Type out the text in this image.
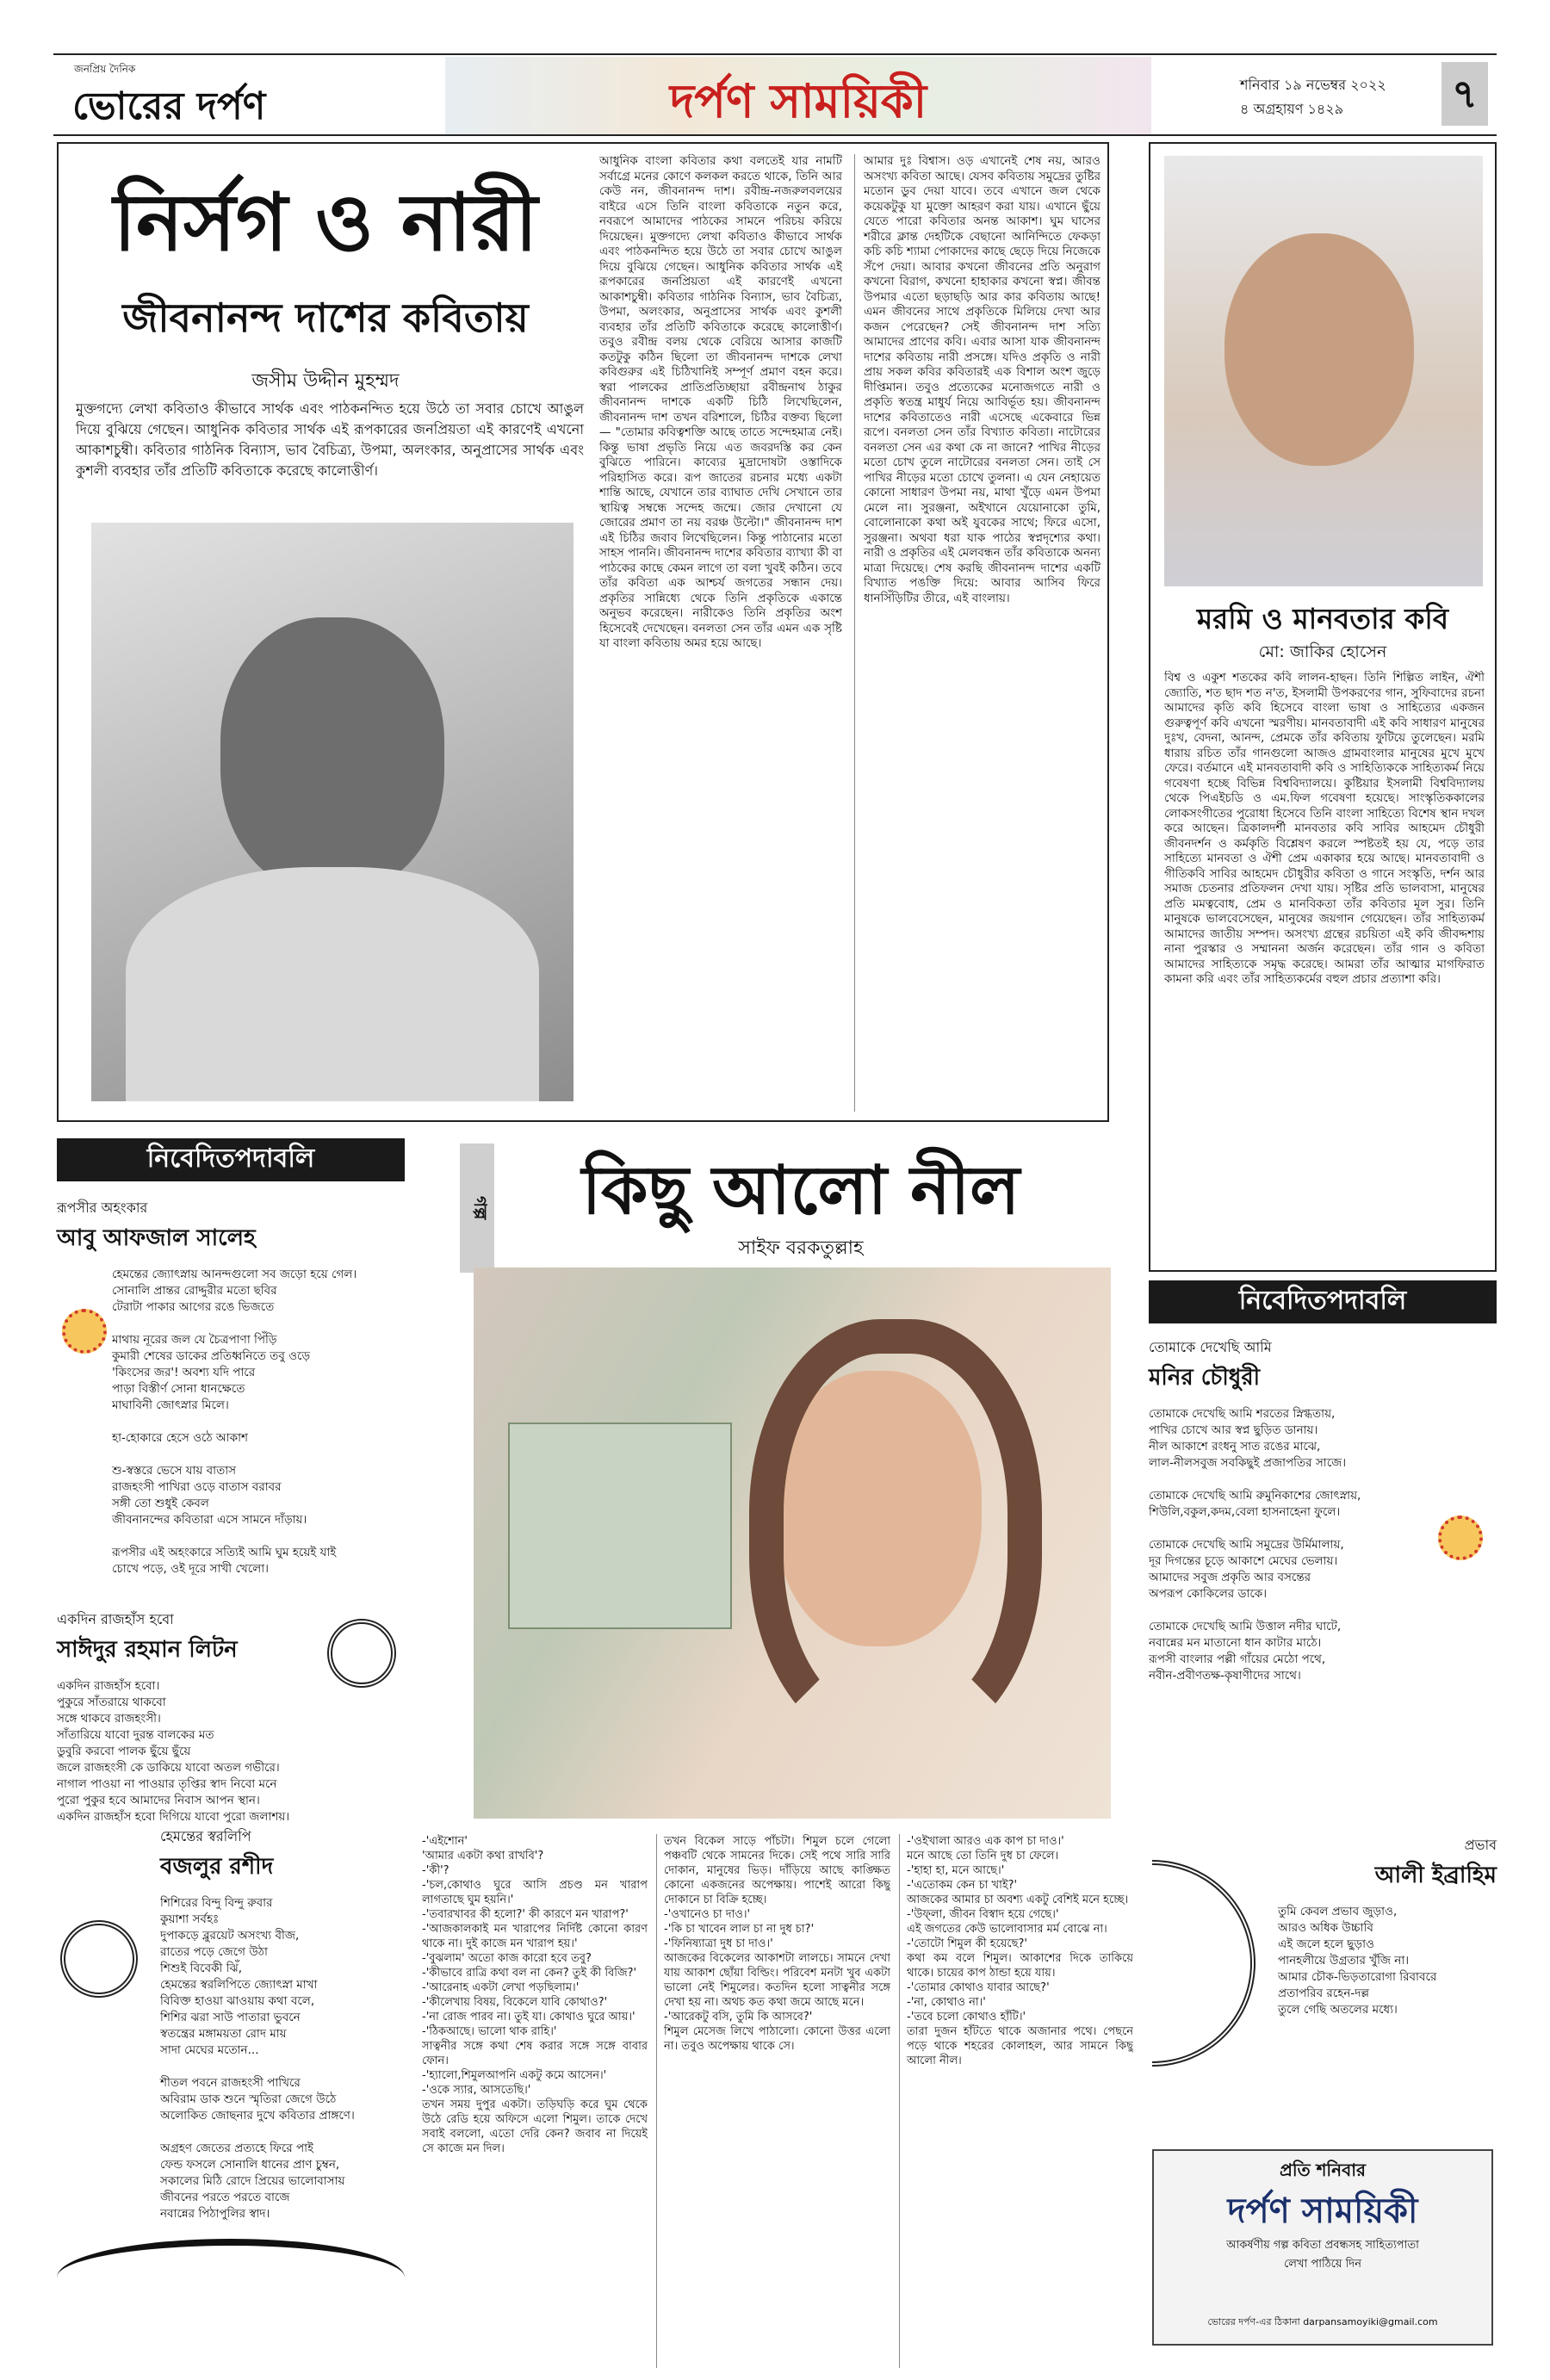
জনপ্রিয় দৈনিক
ভোরের দর্পণ	দর্পণ সাময়িকী	শনিবার ১৯ নভেম্বর ২০২২
৪ অগ্রহায়ণ ১৪২৯	৭
নির্সগ ও নারী
জীবনানন্দ দাশের কবিতায়
জসীম উদ্দীন মুহম্মদ
মুক্তগদ্যে লেখা কবিতাও কীভাবে সার্থক এবং পাঠকনন্দিত হয়ে উঠে তা সবার চোখে আঙুল দিয়ে বুঝিয়ে গেছেন। আধুনিক কবিতার সার্থক এই রূপকারের জনপ্রিয়তা এই কারণেই এখনো আকাশচুম্বী। কবিতার গাঠনিক বিন্যাস, ভাব বৈচিত্র্য, উপমা, অলংকার, অনুপ্রাসের সার্থক এবং কুশলী ব্যবহার তাঁর প্রতিটি কবিতাকে করেছে কালোত্তীর্ণ।
আধুনিক বাংলা কবিতার কথা বলতেই যার নামটি সর্বাগ্রে মনের কোণে কলকল করতে থাকে, তিনি আর কেউ নন, জীবনানন্দ দাশ। রবীন্দ্র-নজরুলবলয়ের বাইরে এসে তিনি বাংলা কবিতাকে নতুন করে, নবরূপে আমাদের পাঠকের সামনে পরিচয় করিয়ে দিয়েছেন। মুক্তগদ্যে লেখা কবিতাও কীভাবে সার্থক এবং পাঠকনন্দিত হয়ে উঠে তা সবার চোখে আঙুল দিয়ে বুঝিয়ে গেছেন। আধুনিক কবিতার সার্থক এই রূপকারের জনপ্রিয়তা এই কারণেই এখনো আকাশচুম্বী। কবিতার গাঠনিক বিন্যাস, ভাব বৈচিত্র্য, উপমা, অলংকার, অনুপ্রাসের সার্থক এবং কুশলী ব্যবহার তাঁর প্রতিটি কবিতাকে করেছে কালোত্তীর্ণ। তবুও রবীন্দ্র বলয় থেকে বেরিয়ে আসার কাজটি কতটুকু কঠিন ছিলো তা জীবনানন্দ দাশকে লেখা কবিগুরুর এই চিঠিখানিই সম্পূর্ণ প্রমাণ বহন করে। স্বরা পালকের প্রাতিপ্রতিচ্ছায়া রবীন্দ্রনাথ ঠাকুর জীবনানন্দ দাশকে একটি চিঠি লিখেছিলেন, জীবনানন্দ দাশ তখন বরিশালে, চিঠির বক্তব্য ছিলো— "তোমার কবিত্বশক্তি আছে তাতে সন্দেহমাত্র নেই। কিন্তু ভাষা প্রভৃতি নিয়ে এত জবরদস্তি কর কেন বুঝিতে পারিনে। কাব্যের মুদ্রাদোষটা ওস্তাদিকে পরিহাসিত করে। রূপ জাতের রচনার মধ্যে একটা শান্তি আছে, যেখানে তার ব্যাঘাত দেখি সেখানে তার স্থায়িত্ব সম্বন্ধে সন্দেহ জন্মে। জোর দেখানো যে জোরের প্রমাণ তা নয় বরঞ্চ উল্টো।" জীবনানন্দ দাশ এই চিঠির জবাব লিখেছিলেন। কিন্তু পাঠানোর মতো সাহস পাননি। জীবনানন্দ দাশের কবিতার ব্যাখ্যা কী বা পাঠকের কাছে কেমন লাগে তা বলা খুবই কঠিন। তবে তাঁর কবিতা এক আশ্চর্য জগতের সন্ধান দেয়। প্রকৃতির সান্নিধ্যে থেকে তিনি প্রকৃতিকে একান্তে অনুভব করেছেন। নারীকেও তিনি প্রকৃতির অংশ হিসেবেই দেখেছেন। বনলতা সেন তাঁর এমন এক সৃষ্টি যা বাংলা কবিতায় অমর হয়ে আছে।
আমার দুঃ বিশ্বাস। ওড় এখানেই শেষ নয়, আরও অসংখ্য কবিতা আছে। যেসব কবিতায় সমুদ্রের তুষ্টির মতোন ডুব দেয়া যাবে। তবে এখানে জল থেকে কয়েকটুকু যা মুক্তো আহরণ করা যায়। এখানে ছুঁয়ে যেতে পারো কবিতার অনন্ত আকাশ। ঘুম ঘাসের শরীরে ক্লান্ত দেহটিকে বেছানো আনিন্দিতে ফেকড়া কচি কচি শ্যামা পোকাদের কাছে ছেড়ে দিয়ে নিজেকে সঁপে দেয়া। আবার কখনো জীবনের প্রতি অনুরাগ কখনো বিরাগ, কখনো হাহাকার কখনো স্বপ্ন। জীবন্ত উপমার এতো ছড়াছড়ি আর কার কবিতায় আছে! এমন জীবনের সাথে প্রকৃতিকে মিলিয়ে দেখা আর কজন পেরেছেন? সেই জীবনানন্দ দাশ সত্যি আমাদের প্রাণের কবি। এবার আসা যাক জীবনানন্দ দাশের কবিতায় নারী প্রসঙ্গে। যদিও প্রকৃতি ও নারী প্রায় সকল কবির কবিতারই এক বিশাল অংশ জুড়ে দীপ্তিমান। তবুও প্রত্যেকের মনোজগতে নারী ও প্রকৃতি স্বতন্ত্র মাধুর্য নিয়ে আবির্ভূত হয়। জীবনানন্দ দাশের কবিতাতেও নারী এসেছে একেবারে ভিন্ন রূপে। বনলতা সেন তাঁর বিখ্যাত কবিতা। নাটোরের বনলতা সেন এর কথা কে না জানে? পাখির নীড়ের মতো চোখ তুলে নাটোরের বনলতা সেন। তাই সে পাখির নীড়ের মতো চোখে তুলনা। এ যেন নেহায়েত কোনো সাধারণ উপমা নয়, মাথা খুঁড়ে এমন উপমা মেলে না। সুরঞ্জনা, অইখানে যেয়োনাকো তুমি, বোলোনাকো কথা অই যুবকের সাথে; ফিরে এসো, সুরঞ্জনা। অথবা ধরা যাক পাঠের স্বপ্নদৃশ্যের কথা। নারী ও প্রকৃতির এই মেলবন্ধন তাঁর কবিতাকে অনন্য মাত্রা দিয়েছে। শেষ করছি জীবনানন্দ দাশের একটি বিখ্যাত পঙক্তি দিয়ে: আবার আসিব ফিরে ধানসিঁড়িটির তীরে, এই বাংলায়।
মরমি ও মানবতার কবি
মো: জাকির হোসেন
বিশ্ব ও একুশ শতকের কবি লালন-হাছন। তিনি শিল্পিত লাইন, ঐশী জ্যোতি, শত ছাদ শত ন'ত, ইসলামী উপকরণের গান, সুফিবাদের রচনা আমাদের কৃতি কবি হিসেবে বাংলা ভাষা ও সাহিত্যের একজন গুরুত্বপূর্ণ কবি এখনো স্মরণীয়। মানবতাবাদী এই কবি সাধারণ মানুষের দুঃখ, বেদনা, আনন্দ, প্রেমকে তাঁর কবিতায় ফুটিয়ে তুলেছেন। মরমি ধারায় রচিত তাঁর গানগুলো আজও গ্রামবাংলার মানুষের মুখে মুখে ফেরে। বর্তমানে এই মানবতাবাদী কবি ও সাহিত্যিককে সাহিত্যকর্ম নিয়ে গবেষণা হচ্ছে বিভিন্ন বিশ্ববিদ্যালয়ে। কুষ্টিয়ার ইসলামী বিশ্ববিদ্যালয় থেকে পিএইচডি ও এম.ফিল গবেষণা হয়েছে। সাংস্কৃতিককালের লোকসংগীতের পুরোধা হিসেবে তিনি বাংলা সাহিত্যে বিশেষ স্থান দখল করে আছেন। ত্রিকালদর্শী মানবতার কবি সাবির আহমেদ চৌধুরী জীবনদর্শন ও কর্মকৃতি বিশ্লেষণ করলে স্পষ্টতই হয় যে, পড়ে তার সাহিত্যে মানবতা ও ঐশী প্রেম একাকার হয়ে আছে। মানবতাবাদী ও গীতিকবি সাবির আহমেদ চৌধুরীর কবিতা ও গানে সংস্কৃতি, দর্শন আর সমাজ চেতনার প্রতিফলন দেখা যায়। সৃষ্টির প্রতি ভালবাসা, মানুষের প্রতি মমত্ববোধ, প্রেম ও মানবিকতা তাঁর কবিতার মূল সুর। তিনি মানুষকে ভালবেসেছেন, মানুষের জয়গান গেয়েছেন। তাঁর সাহিত্যকর্ম আমাদের জাতীয় সম্পদ। অসংখ্য গ্রন্থের রচয়িতা এই কবি জীবদ্দশায় নানা পুরস্কার ও সম্মাননা অর্জন করেছেন। তাঁর গান ও কবিতা আমাদের সাহিত্যকে সমৃদ্ধ করেছে। আমরা তাঁর আত্মার মাগফিরাত কামনা করি এবং তাঁর সাহিত্যকর্মের বহুল প্রচার প্রত্যাশা করি।
নিবেদিতপদাবলি
রূপসীর অহংকার
আবু আফজাল সালেহ
হেমন্তের জ্যোৎস্নায় আনন্দগুলো সব জড়ো হয়ে গেল।
সোনালি প্রান্তর রোদ্দুরীর মতো ছবির
টেরাটা পাকার আগের রঙে ভিজতে

মাথায় নূরের জল যে চৈত্রপাণা পিঁড়ি
কুমারী শেষের ডাকের প্রতিধ্বনিতে তবু ওড়ে
'কিংসের জর'! অবশ্য যদি পারে
পাড়া বিস্তীর্ণ সোনা ধানক্ষেতে
মাঘাবিনী জোৎস্নার মিলে।

হা-হোকারে হেসে ওঠে আকাশ

শু-স্বস্তরে ভেসে যায় বাতাস
রাজহংসী পাখিরা ওড়ে বাতাস বরাবর
সঙ্গী তো শুধুই কেবল
জীবনানন্দের কবিতারা এসে সামনে দাঁড়ায়।

রূপসীর এই অহংকারে সত্যিই আমি ঘুম হয়েই যাই
চোখে পড়ে, ওই দূরে সাখী খেলো।
একদিন রাজহাঁস হবো
সাঈদুর রহমান লিটন
একদিন রাজহাঁস হবো।
পুকুরে সাঁতরায়ে থাকবো
সঙ্গে থাকবে রাজহংসী।
সাঁতারিয়ে যাবো দুরন্ত বালকের মত
ডুবুরি করবো পালক ছুঁয়ে ছুঁয়ে
জলে রাজহংসী কে ডাকিয়ে যাবো অতল গভীরে।
নাগাল পাওয়া না পাওয়ার তৃপ্তির স্বাদ নিবো মনে
পুরো পুকুর হবে আমাদের নিবাস আপন স্থান।
একদিন রাজহাঁস হবো দিগিয়ে যাবো পুরো জলাশয়।
হেমন্তের স্বরলিপি
বজলুর রশীদ
শিশিরের বিন্দু বিন্দু রুবার
কুয়াশা সর্বহঃ
দুপাকড়ে ব্লুরয়েট অসংখ্য বীজ,
রাতের পড়ে জেগে উঠা
শিশুই বিবেকী ঝিঁ,
হেমন্তের স্বরলিপিতে জ্যোৎস্না মাখা
বিবিক্ত হাওয়া ঝাওয়ায় কথা বলে,
শিশির ঝরা সাউ পাতারা ভুবনে
স্বতন্ত্রের মঙ্গাময়তা রোদ মায়
সাদা মেঘের মতোন...

শীতল পবনে রাজহংসী পাখিরে
অবিরাম ডাক শুনে স্মৃতিরা জেগে উঠে
অলোকিত জোছনার দুখে কবিতার প্রাঙ্গণে।

অগ্রহণ জেতের প্রত্যহে ফিরে পাই
ফেন্ড ফসলে সোনালি ধানের প্রাণ চুম্বন,
সকালের মিঠি রোদে প্রিয়ের ভালোবাসায়
জীবনের পরতে পরতে বাজে
নবান্নের পিঠাপুলির স্বাদ।
গল্প	কিছু আলো নীল
সাইফ বরকতুল্লাহ
-'এইশোন'
'আমার একটা কথা রাখবি'?
-'কী'?
-'চল,কোথাও ঘুরে আসি প্রচণ্ড মন খারাপ লাগতাছে ঘুম হয়নি।'
-'তবারখাবর কী হলো?' কী কারণে মন খারাপ?'
-'আজকালকাই মন খারাপের নির্দিষ্ট কোনো কারণ থাকে না। দুই কাজে মন খারাপ হয়।'
-'বুঝলাম' অতো কাজ কারো হবে তবু?
-'কীভাবে রাত্রি কথা বল না কেন? তুই কী বিজি?'
-'আরেনাহ একটা লেখা পড়ছিলাম।'
-'কীলেখায় বিষয়, বিকেলে যাবি কোথাও?'
-'না রোজ পারব না। তুই যা। কোথাও ঘুরে আয়।'
-'ঠিকআছে। ভালো থাক রাহি।'
সাত্বনীর সঙ্গে কথা শেষ করার সঙ্গে সঙ্গে বাবার ফোন।
-'হ্যালো,শিমুলআপনি একটু কমে আসেন।'
-'ওকে স্যার, আসতেছি।'
তখন সময় দুপুর একটা। তড়িঘড়ি করে ঘুম থেকে উঠে রেডি হয়ে অফিসে এলো শিমুল। তাকে দেখে সবাই বললো, এতো দেরি কেন? জবাব না দিয়েই সে কাজে মন দিল।
তখন বিকেল সাড়ে পাঁচটা। শিমুল চলে গেলো পঞ্চবটি থেকে সামনের দিকে। সেই পথে সারি সারি দোকান, মানুষের ভিড়। দাঁড়িয়ে আছে কাঙ্ক্ষিত কোনো একজনের অপেক্ষায়। পাশেই আরো কিছু দোকানে চা বিক্রি হচ্ছে।
-'ওখানেও চা দাও।'
-'কি চা খাবেন লাল চা না দুধ চা?'
-'ফিনিষ্যাত্রা দুধ চা দাও।'
আজকের বিকেলের আকাশটা লালচে। সামনে দেখা যায় আকাশ ছোঁয়া বিল্ডিং। পরিবেশ মনটা খুব একটা ভালো নেই শিমুলের। কতদিন হলো সাত্বনীর সঙ্গে দেখা হয় না। অথচ কত কথা জমে আছে মনে।
-'আরেকটু বসি, তুমি কি আসবে?'
শিমুল মেসেজ লিখে পাঠালো। কোনো উত্তর এলো না। তবুও অপেক্ষায় থাকে সে।
-'ওইখালা আরও এক কাপ চা দাও।'
মনে আছে তো তিনি দুধ চা ফেলে।
-'হাহা হা, মনে আছে।'
-'এতোকম কেন চা খাই?'
আজকের আমার চা অবশ্য একটু বেশিই মনে হচ্ছে।
-'উফ্‌লা, জীবন বিস্বাদ হয়ে গেছে।'
এই জগতের কেউ ভালোবাসার মর্ম বোঝে না।
-'তোটো শিমুল কী হয়েছে?'
কথা কম বলে শিমুল। আকাশের দিকে তাকিয়ে থাকে। চায়ের কাপ ঠান্ডা হয়ে যায়।
-'তোমার কোথাও যাবার আছে?'
-'না, কোথাও না।'
-'তবে চলো কোথাও হাঁটি।'
তারা দুজন হাঁটতে থাকে অজানার পথে। পেছনে পড়ে থাকে শহরের কোলাহল, আর সামনে কিছু আলো নীল।
নিবেদিতপদাবলি
তোমাকে দেখেছি আমি
মনির চৌধুরী
তোমাকে দেখেছি আমি শরতের স্নিগ্ধতায়,
পাখির চোখে আর স্বপ্ন ছুড়িত ডানায়।
নীল আকাশে রংধনু সাত রঙের মাঝে,
লাল-নীলসবুজ সবকিছুই প্রজাপতির সাজে।

তোমাকে দেখেছি আমি রুমুনিকাশের জোৎস্নায়,
শিউলি,বকুল,কদম,বেলা হাসনাহেনা ফুলে।

তোমাকে দেখেছি আমি সমুদ্রের উর্মিমালায়,
দূর দিগন্তের চূড়ে আকাশে মেঘের ভেলায়।
আমাদের সবুজ প্রকৃতি আর বসন্তের
অপরূপ কোকিলের ডাকে।

তোমাকে দেখেছি আমি উত্তাল নদীর ঘাটে,
নবান্নের মন মাতানো ধান কাটার মাঠে।
রূপসী বাংলার পল্লী গাঁয়ের মেঠো পথে,
নবীন-প্রবীণতক্ষ-কৃষাণীদের সাথে।
প্রভাব
আলী ইব্রাহিম
তুমি কেবল প্রভাব জুড়াও,
আরও অধিক উচ্চাবি
এই জলে হলে ছুড়াও
পানহলীয়ে উগ্ৰতার খুঁজি না।
আমার চৌক-ভিড়তারোগা রিবাবরে
প্রতাপরিব রহেন-দল্ল
তুলে গেছি অতলের মধ্যে।
প্রতি শনিবার
দর্পণ সাময়িকী
আকর্ষণীয় গল্প কবিতা প্রবন্ধসহ সাহিত্যপাতা
লেখা পাঠিয়ে দিন
ভোরের দর্পণ-এর ঠিকানা darpansamoyiki@gmail.com
